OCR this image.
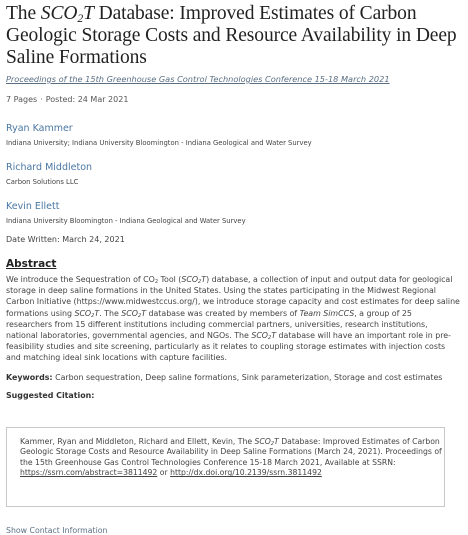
The $SCO_2T$ Database: Improved Estimates of Carbon Geologic Storage Costs and Resource Availability in Deep Saline Formations
Proceedings of the 15th Greenhouse Gas Control Technologies Conference 15-18 March 2021
7 Pages · Posted: 24 Mar 2021
Ryan Kammer
Indiana University; Indiana University Bloomington - Indiana Geological and Water Survey
Richard Middleton
Carbon Solutions LLC
Kevin Ellett
Indiana University Bloomington - Indiana Geological and Water Survey
Date Written: March 24, 2021
Abstract
We introduce the Sequestration of $CO_2$ Tool $(SCO_2T)$ database, a collection of input and output data for geological storage in deep saline formations in the United States. Using the states participating in the Midwest Regional Carbon Initiative (https://www.midwestccus.org/), we introduce storage capacity and cost estimates for deep saline formations using $SCO_2T$. The $SCO_2T$ database was created by members of Team SimCCS, a group of 25 researchers from 15 different institutions including commercial partners, universities, research institutions, national laboratories, governmental agencies, and NGOs. The $SCO_2T$ database will have an important role in pre-feasibility studies and site screening, particularly as it relates to coupling storage estimates with injection costs and matching ideal sink locations with capture facilities.
Keywords: Carbon sequestration, Deep saline formations, Sink parameterization, Storage and cost estimates
Suggested Citation:
Kammer, Ryan and Middleton, Richard and Ellett, Kevin, The $SCO_2T$ Database: Improved Estimates of Carbon Geologic Storage Costs and Resource Availability in Deep Saline Formations (March 24, 2021). Proceedings of the 15th Greenhouse Gas Control Technologies Conference 15-18 March 2021, Available at SSRN: https://ssrn.com/abstract=3811492 or http://dx.doi.org/10.2139/ssrn.3811492
Show Contact Information
